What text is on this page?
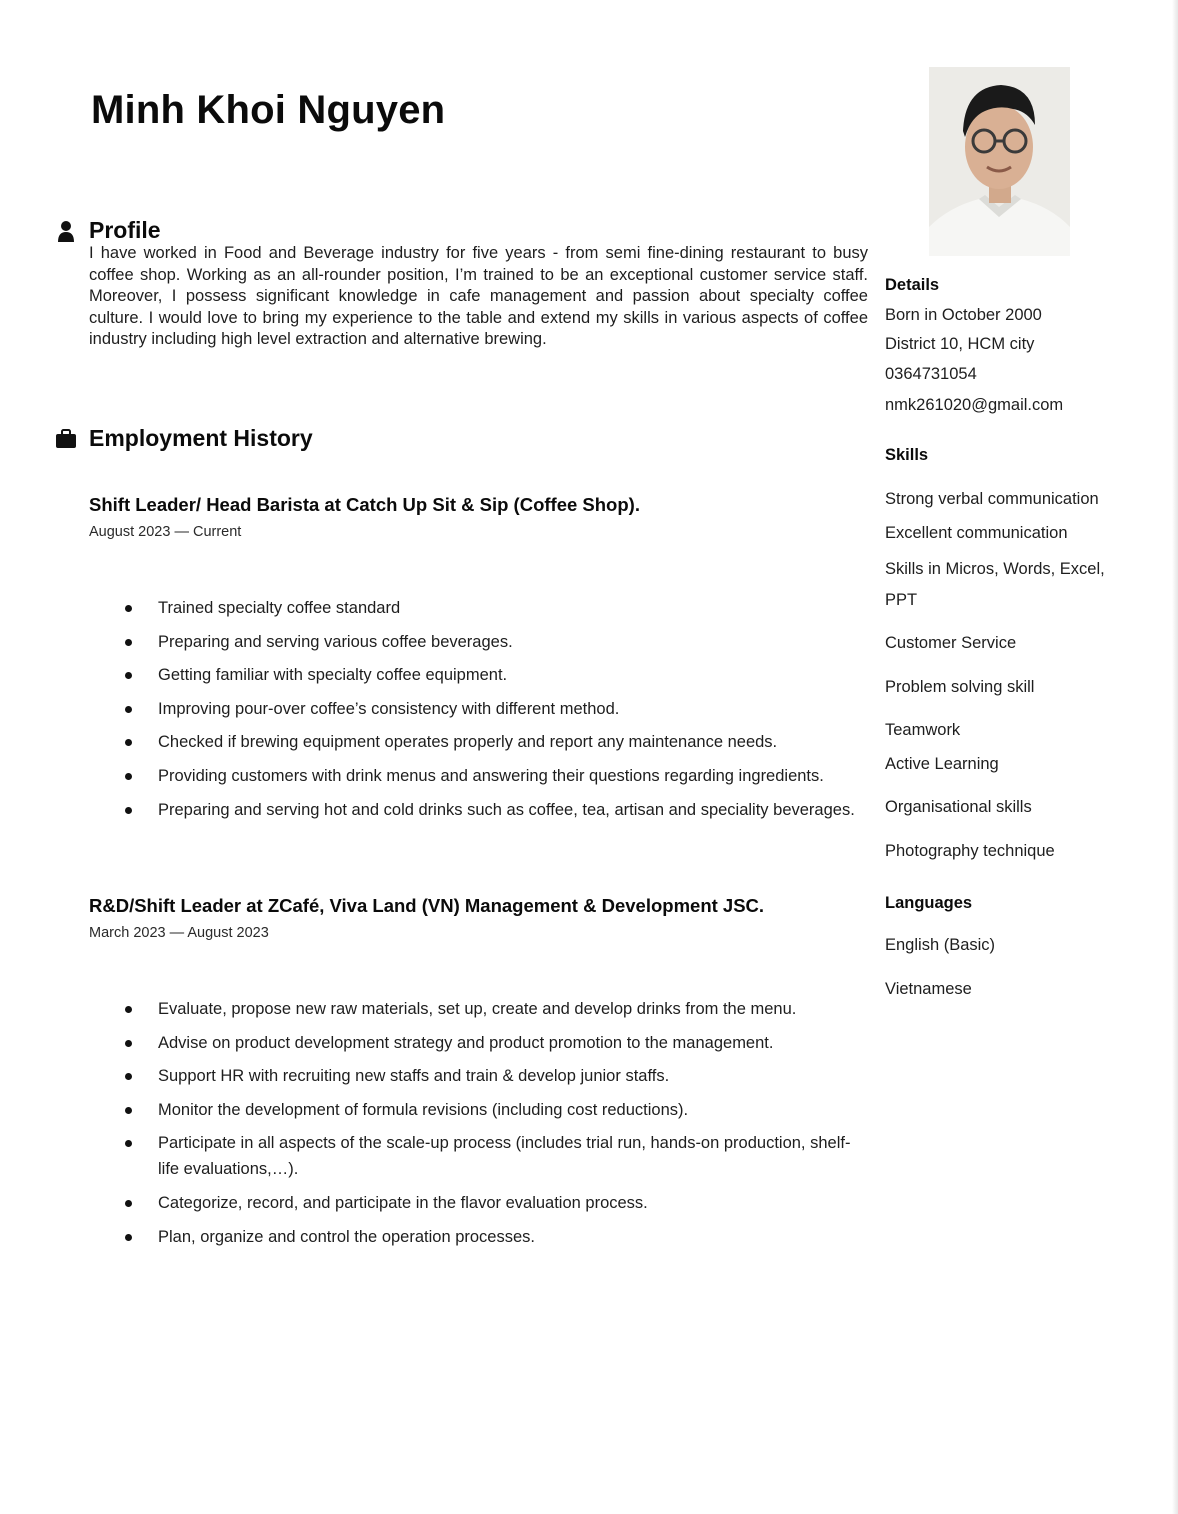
Minh Khoi Nguyen
Profile

I have worked in Food and Beverage industry for five years - from semi fine-dining restaurant to busy coffee shop. Working as an all-rounder position, I’m trained to be an exceptional customer service staff. Moreover, I possess significant knowledge in cafe management and passion about specialty coffee culture. I would love to bring my experience to the table and extend my skills in various aspects of coffee industry including high level extraction and alternative brewing.

Employment History
Shift Leader/ Head Barista at Catch Up Sit & Sip (Coffee Shop).

August 2023 — Current

Trained specialty coffee standard
Preparing and serving various coffee beverages.
Getting familiar with specialty coffee equipment.
Improving pour-over coffee’s consistency with different method.
Checked if brewing equipment operates properly and report any maintenance needs.
Providing customers with drink menus and answering their questions regarding ingredients.
Preparing and serving hot and cold drinks such as coffee, tea, artisan and speciality beverages.
R&D/Shift Leader at ZCafé, Viva Land (VN) Management & Development JSC.

March 2023 — August 2023

Evaluate, propose new raw materials, set up, create and develop drinks from the menu.
Advise on product development strategy and product promotion to the management.
Support HR with recruiting new staffs and train & develop junior staffs.
Monitor the development of formula revisions (including cost reductions).
Participate in all aspects of the scale-up process (includes trial run, hands-on production, shelf-life evaluations,…).
Categorize, record, and participate in the flavor evaluation process.
Plan, organize and control the operation processes.
Details

Born in October 2000

District 10, HCM city

0364731054

nmk261020@gmail.com

Skills

Strong verbal communication

Excellent communication

Skills in Micros, Words, Excel, PPT

Customer Service

Problem solving skill

Teamwork

Active Learning

Organisational skills

Photography technique

Languages

English (Basic)

Vietnamese
